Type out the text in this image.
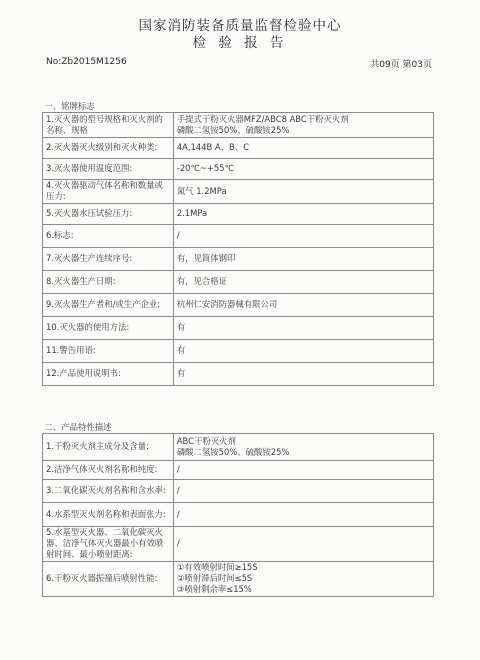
国家消防装备质量监督检验中心
检 验 报 告
No:Zb2015M1256	共09页 第03页
一、铭牌标志	
1.灭火器的型号规格和灭火剂的名称、规格	手提式干粉灭火器MFZ/ABC8 ABC干粉灭火剂
磷酸二氢铵50%、硫酸铵25%
2.灭火器灭火级别和灭火种类:	4A,144B A、B、C
3.灭火器使用温度范围:	-20℃~+55℃
4.灭火器驱动气体名称和数量或压力:	氮气 1.2MPa
5.灭火器水压试验压力:	2.1MPa
6.标志:	/
7.灭火器生产连续序号:	有，见简体钢印
8.灭火器生产日期:	有，见合格证
9.灭火器生产者和/或生产企业:	杭州仁安消防器械有限公司
10.灭火器的使用方法:	有
11.警告用语:	有
12.产品使用说明书:	有
二、产品特性描述	
1.干粉灭火剂主成分及含量:	ABC干粉灭火剂
磷酸二氢铵50%、硫酸铵25%
2.洁净气体灭火剂名称和纯度:	/
3.二氧化碳灭火剂名称和含水率:	/
4.水系型灭火剂名称和表面张力:	/
5.水基型灭火器、二氧化碳灭火器、洁净气体灭火器最小有效喷射时间、最小喷射距离:	/
6.干粉灭火器振撞后喷射性能:	①有效喷射时间≥15S
②喷射滞后时间≤5S
③喷射剩余率≤15%
